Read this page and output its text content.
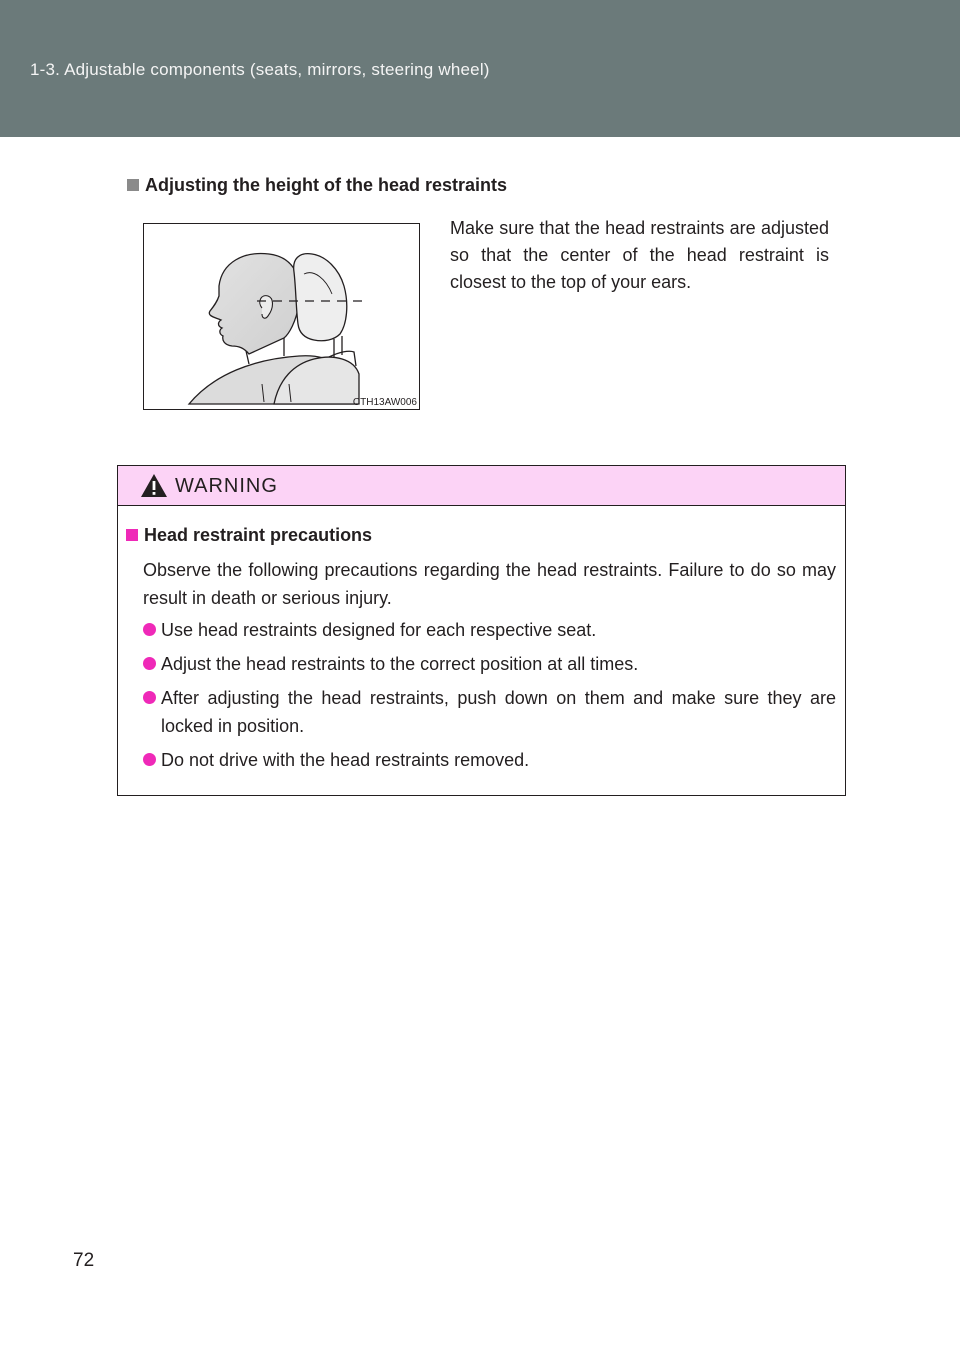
1-3. Adjustable components (seats, mirrors, steering wheel)
Adjusting the height of the head restraints
CTH13AW006
Make sure that the head restraints are adjusted so that the center of the head restraint is closest to the top of your ears.
WARNING
Head restraint precautions
Observe the following precautions regarding the head restraints. Failure to do so may result in death or serious injury.
Use head restraints designed for each respective seat.
Adjust the head restraints to the correct position at all times.
After adjusting the head restraints, push down on them and make sure they are locked in position.
Do not drive with the head restraints removed.
72
